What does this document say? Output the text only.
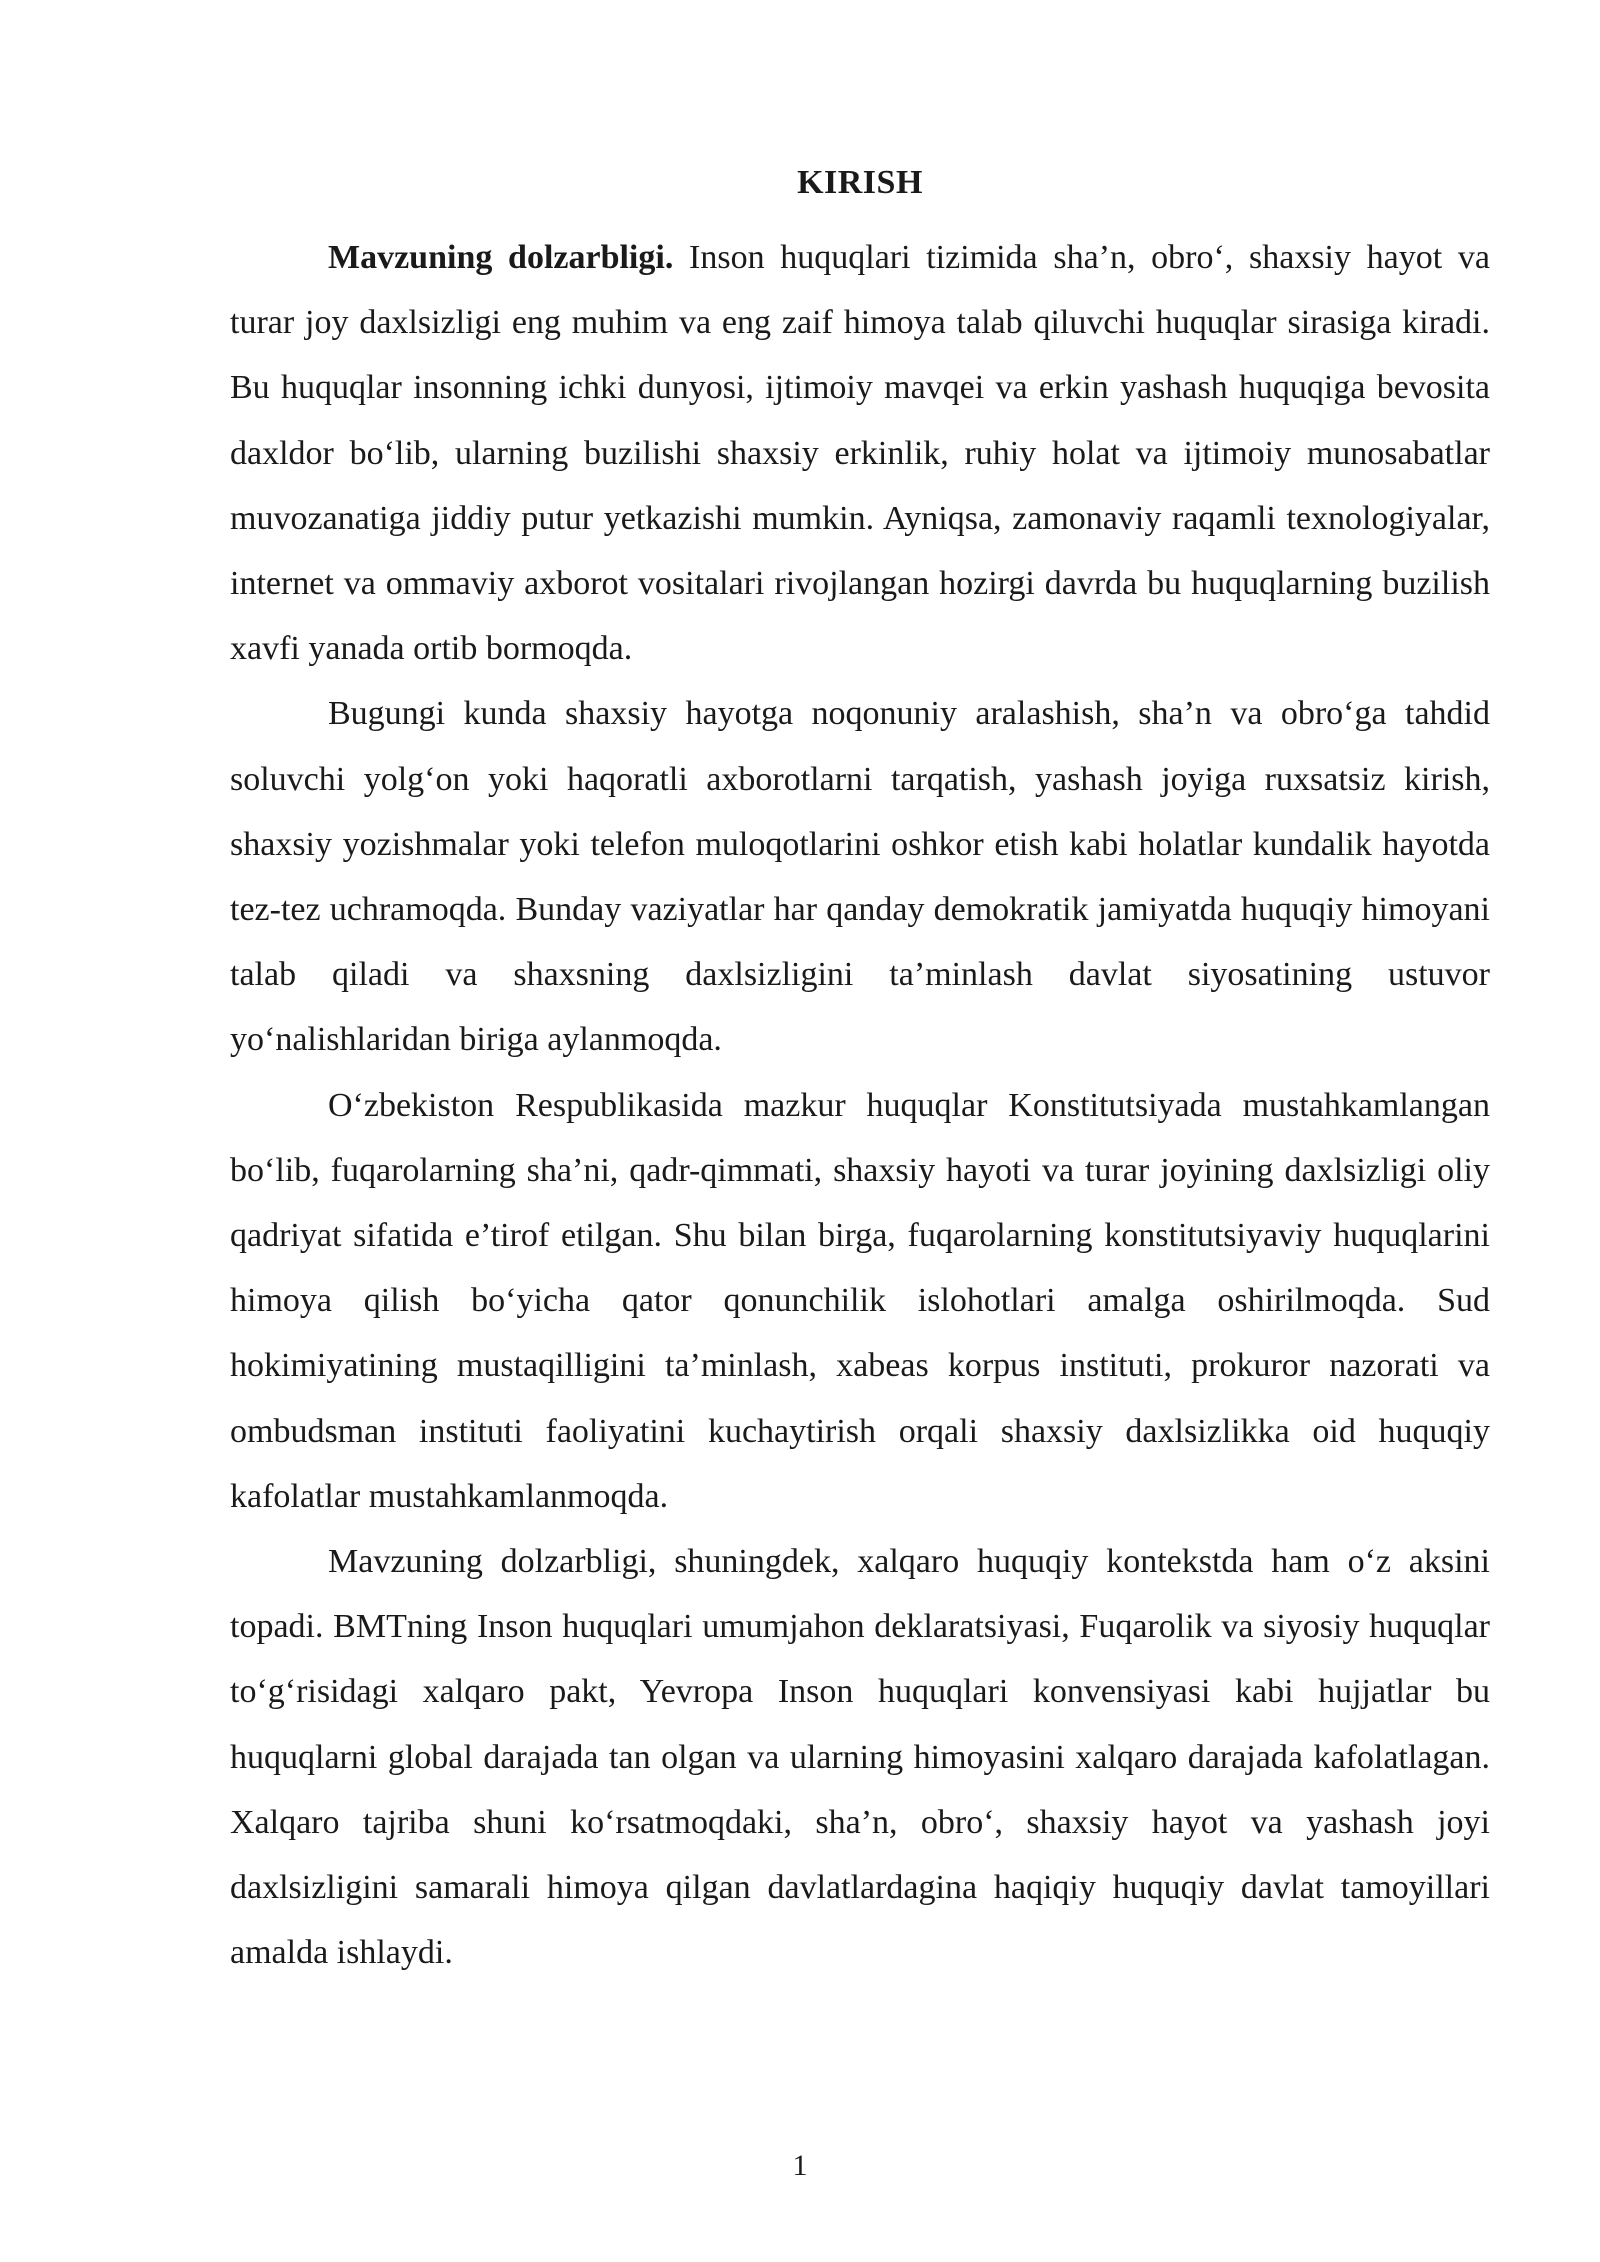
KIRISH

Mavzuning dolzarbligi. Inson huquqlari tizimida sha’n, obro‘, shaxsiy hayot va turar joy daxlsizligi eng muhim va eng zaif himoya talab qiluvchi huquqlar sirasiga kiradi. Bu huquqlar insonning ichki dunyosi, ijtimoiy mavqei va erkin yashash huquqiga bevosita daxldor bo‘lib, ularning buzilishi shaxsiy erkinlik, ruhiy holat va ijtimoiy munosabatlar muvozanatiga jiddiy putur yetkazishi mumkin. Ayniqsa, zamonaviy raqamli texnologiyalar, internet va ommaviy axborot vositalari rivojlangan hozirgi davrda bu huquqlarning buzilish xavfi yanada ortib bormoqda.

Bugungi kunda shaxsiy hayotga noqonuniy aralashish, sha’n va obro‘ga tahdid soluvchi yolg‘on yoki haqoratli axborotlarni tarqatish, yashash joyiga ruxsatsiz kirish, shaxsiy yozishmalar yoki telefon muloqotlarini oshkor etish kabi holatlar kundalik hayotda tez-tez uchramoqda. Bunday vaziyatlar har qanday demokratik jamiyatda huquqiy himoyani talab qiladi va shaxsning daxlsizligini ta’minlash davlat siyosatining ustuvor yo‘nalishlaridan biriga aylanmoqda.

O‘zbekiston Respublikasida mazkur huquqlar Konstitutsiyada mustahkamlangan bo‘lib, fuqarolarning sha’ni, qadr-qimmati, shaxsiy hayoti va turar joyining daxlsizligi oliy qadriyat sifatida e’tirof etilgan. Shu bilan birga, fuqarolarning konstitutsiyaviy huquqlarini himoya qilish bo‘yicha qator qonunchilik islohotlari amalga oshirilmoqda. Sud hokimiyatining mustaqilligini ta’minlash, xabeas korpus instituti, prokuror nazorati va ombudsman instituti faoliyatini kuchaytirish orqali shaxsiy daxlsizlikka oid huquqiy kafolatlar mustahkamlanmoqda.

Mavzuning dolzarbligi, shuningdek, xalqaro huquqiy kontekstda ham o‘z aksini topadi. BMTning Inson huquqlari umumjahon deklaratsiyasi, Fuqarolik va siyosiy huquqlar to‘g‘risidagi xalqaro pakt, Yevropa Inson huquqlari konvensiyasi kabi hujjatlar bu huquqlarni global darajada tan olgan va ularning himoyasini xalqaro darajada kafolatlagan. Xalqaro tajriba shuni ko‘rsatmoqdaki, sha’n, obro‘, shaxsiy hayot va yashash joyi daxlsizligini samarali himoya qilgan davlatlardagina haqiqiy huquqiy davlat tamoyillari amalda ishlaydi.

1
